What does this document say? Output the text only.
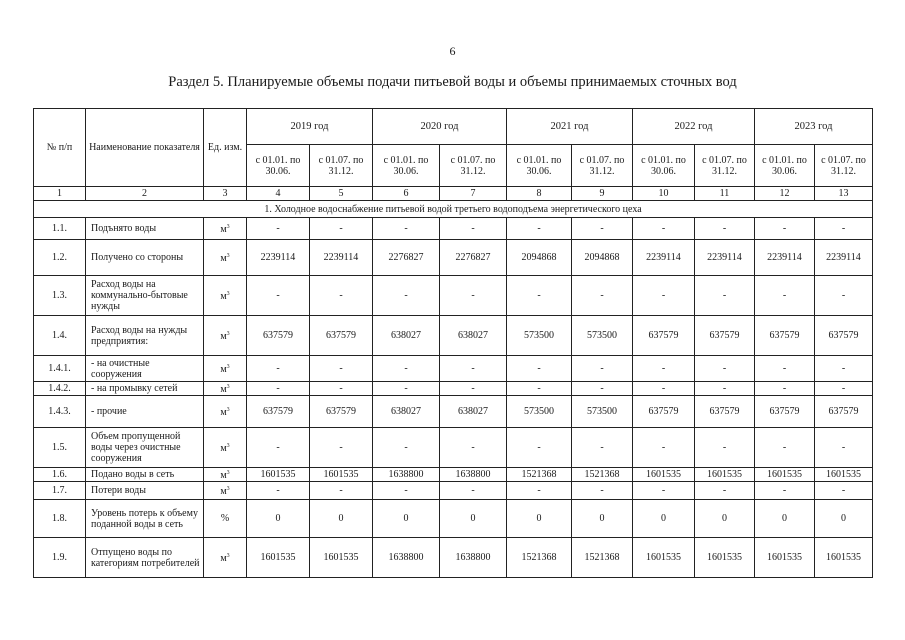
6
Раздел 5. Планируемые объемы подачи питьевой воды и объемы принимаемых сточных вод
№ п/п	Наименование показателя	Ед. изм.	2019 год		2020 год		2021 год		2022 год		2023 год	
			с 01.01. по 30.06.	с 01.07. по 31.12.	с 01.01. по 30.06.	с 01.07. по 31.12.	с 01.01. по 30.06.	с 01.07. по 31.12.	с 01.01. по 30.06.	с 01.07. по 31.12.	с 01.01. по 30.06.	с 01.07. по 31.12.
1	2	3	4	5	6	7	8	9	10	11	12	13
1. Холодное водоснабжение питьевой водой третьего водоподъема энергетического цеха												
1.1.	Подънято воды	$м^3$	-	-	-	-	-	-	-	-	-	-
1.2.	Получено со стороны	$м^3$	2239114	2239114	2276827	2276827	2094868	2094868	2239114	2239114	2239114	2239114
1.3.	Расход воды на коммунально-бытовые нужды	$м^3$	-	-	-	-	-	-	-	-	-	-
1.4.	Расход воды на нужды предприятия:	$м^3$	637579	637579	638027	638027	573500	573500	637579	637579	637579	637579
1.4.1.	- на очистные сооружения	$м^3$	-	-	-	-	-	-	-	-	-	-
1.4.2.	- на промывку сетей	$м^3$	-	-	-	-	-	-	-	-	-	-
1.4.3.	- прочие	$м^3$	637579	637579	638027	638027	573500	573500	637579	637579	637579	637579
1.5.	Объем пропущенной воды через очистные сооружения	$м^3$	-	-	-	-	-	-	-	-	-	-
1.6.	Подано воды в сеть	$м^3$	1601535	1601535	1638800	1638800	1521368	1521368	1601535	1601535	1601535	1601535
1.7.	Потери воды	$м^3$	-	-	-	-	-	-	-	-	-	-
1.8.	Уровень потерь к объему поданной воды в сеть	%	0	0	0	0	0	0	0	0	0	0
1.9.	Отпущено воды по категориям потребителей	$м^3$	1601535	1601535	1638800	1638800	1521368	1521368	1601535	1601535	1601535	1601535
